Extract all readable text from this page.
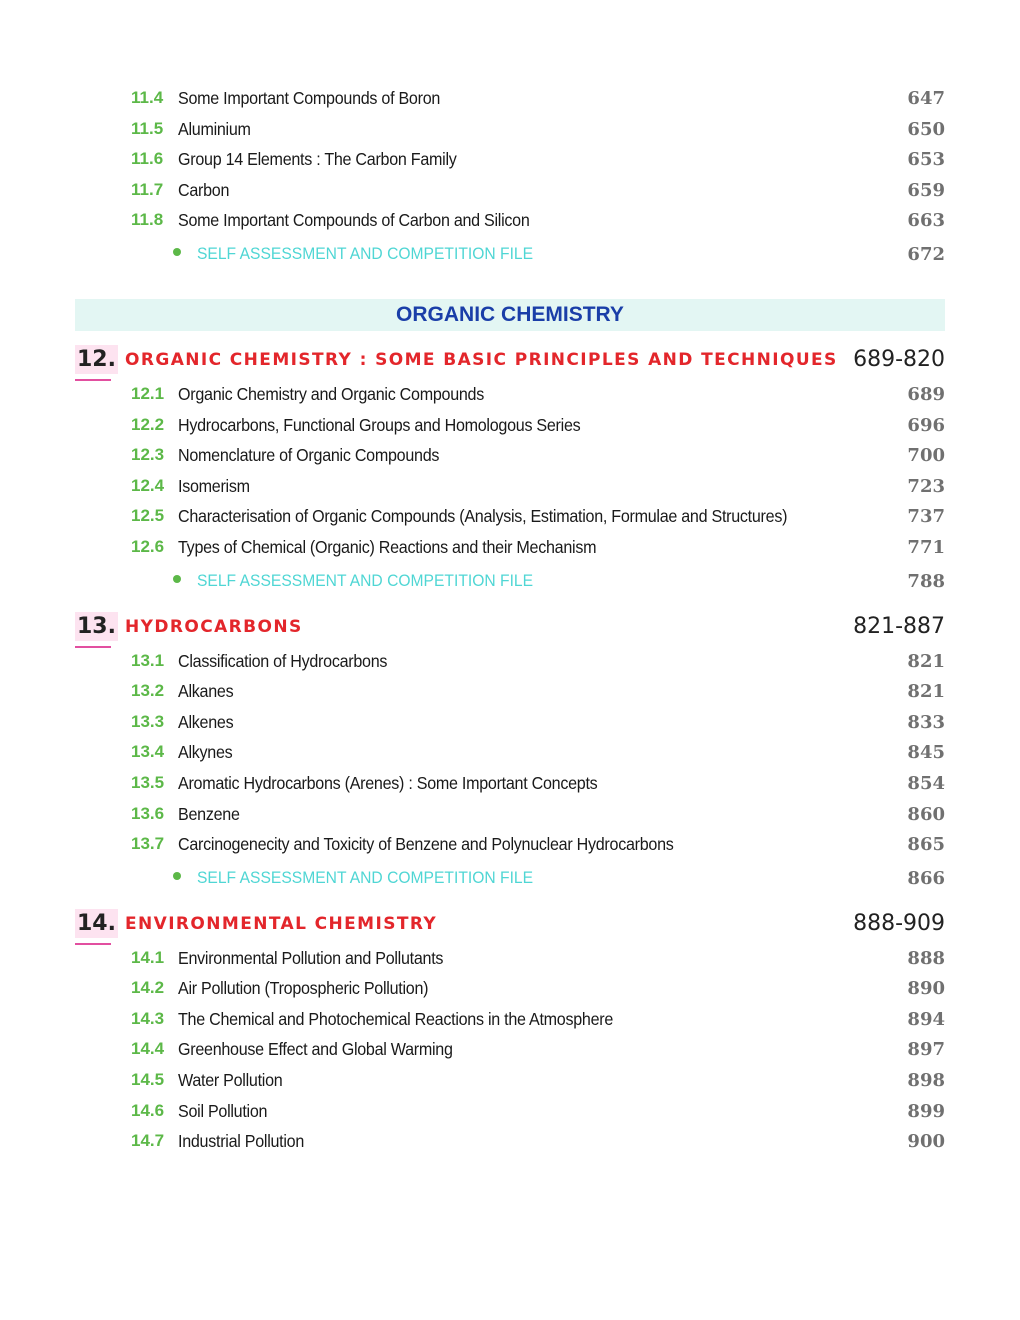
11.4 Some Important Compounds of Boron	647
11.5 Aluminium	650
11.6 Group 14 Elements : The Carbon Family	653
11.7 Carbon	659
11.8 Some Important Compounds of Carbon and Silicon	663
SELF ASSESSMENT AND COMPETITION FILE	672
ORGANIC CHEMISTRY
12. ORGANIC CHEMISTRY : SOME BASIC PRINCIPLES AND TECHNIQUES 689-820
12.1 Organic Chemistry and Organic Compounds	689
12.2 Hydrocarbons, Functional Groups and Homologous Series	696
12.3 Nomenclature of Organic Compounds	700
12.4 Isomerism	723
12.5 Characterisation of Organic Compounds (Analysis, Estimation, Formulae and Structures)	737
12.6 Types of Chemical (Organic) Reactions and their Mechanism	771
SELF ASSESSMENT AND COMPETITION FILE	788
13. HYDROCARBONS	821-887
13.1 Classification of Hydrocarbons	821
13.2 Alkanes	821
13.3 Alkenes	833
13.4 Alkynes	845
13.5 Aromatic Hydrocarbons (Arenes) : Some Important Concepts	854
13.6 Benzene	860
13.7 Carcinogenecity and Toxicity of Benzene and Polynuclear Hydrocarbons	865
SELF ASSESSMENT AND COMPETITION FILE	866
14. ENVIRONMENTAL CHEMISTRY	888-909
14.1 Environmental Pollution and Pollutants	888
14.2 Air Pollution (Tropospheric Pollution)	890
14.3 The Chemical and Photochemical Reactions in the Atmosphere	894
14.4 Greenhouse Effect and Global Warming	897
14.5 Water Pollution	898
14.6 Soil Pollution	899
14.7 Industrial Pollution	900
